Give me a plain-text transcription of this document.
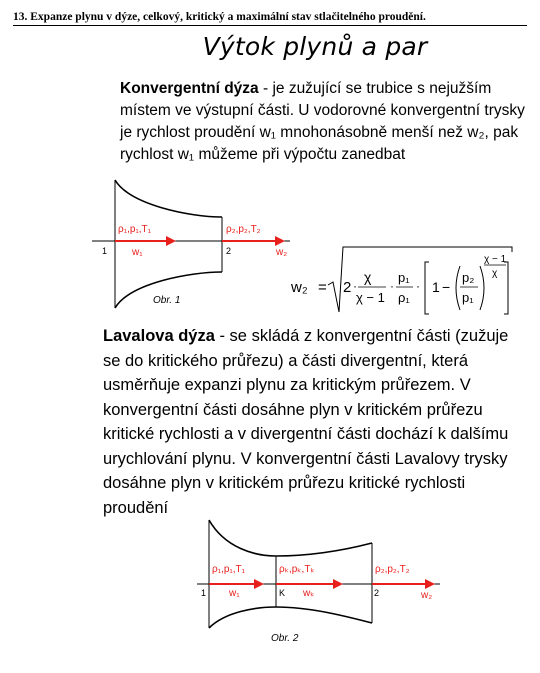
13. Expanze plynu v dýze, celkový, kritický a maximální stav stlačitelného proudění.
Výtok plynů a par
Konvergentní dýza - je zužující se trubice s nejužším místem ve výstupní části. U vodorovné konvergentní trysky je rychlost proudění w₁ mnohonásobně menší než w₂, pak rychlost w₁ můžeme při výpočtu zanedbat
ρ₁,p₁,T₁	ρ₂,p₂,T₂
1	2
w₁	w₂
Obr. 1
w₂ = 2 ·
χ
χ − 1
·
p₁
ρ₁
· 1 −
p₂
p₁
χ − 1
χ
Lavalova dýza - se skládá z konvergentní části (zužuje se do kritického průřezu) a části divergentní, která usměrňuje expanzi plynu za kritickým průřezem. V konvergentní části dosáhne plyn v kritickém průřezu kritické rychlosti a v divergentní části dochází k dalšímu urychlování plynu. V konvergentní části Lavalovy trysky dosáhne plyn v kritickém průřezu kritické rychlosti proudění
ρ₁,p₁,T₁	ρₖ,pₖ,Tₖ	ρ₂,p₂,T₂
1	K	2
w₁	wₖ	w₂
Obr. 2
